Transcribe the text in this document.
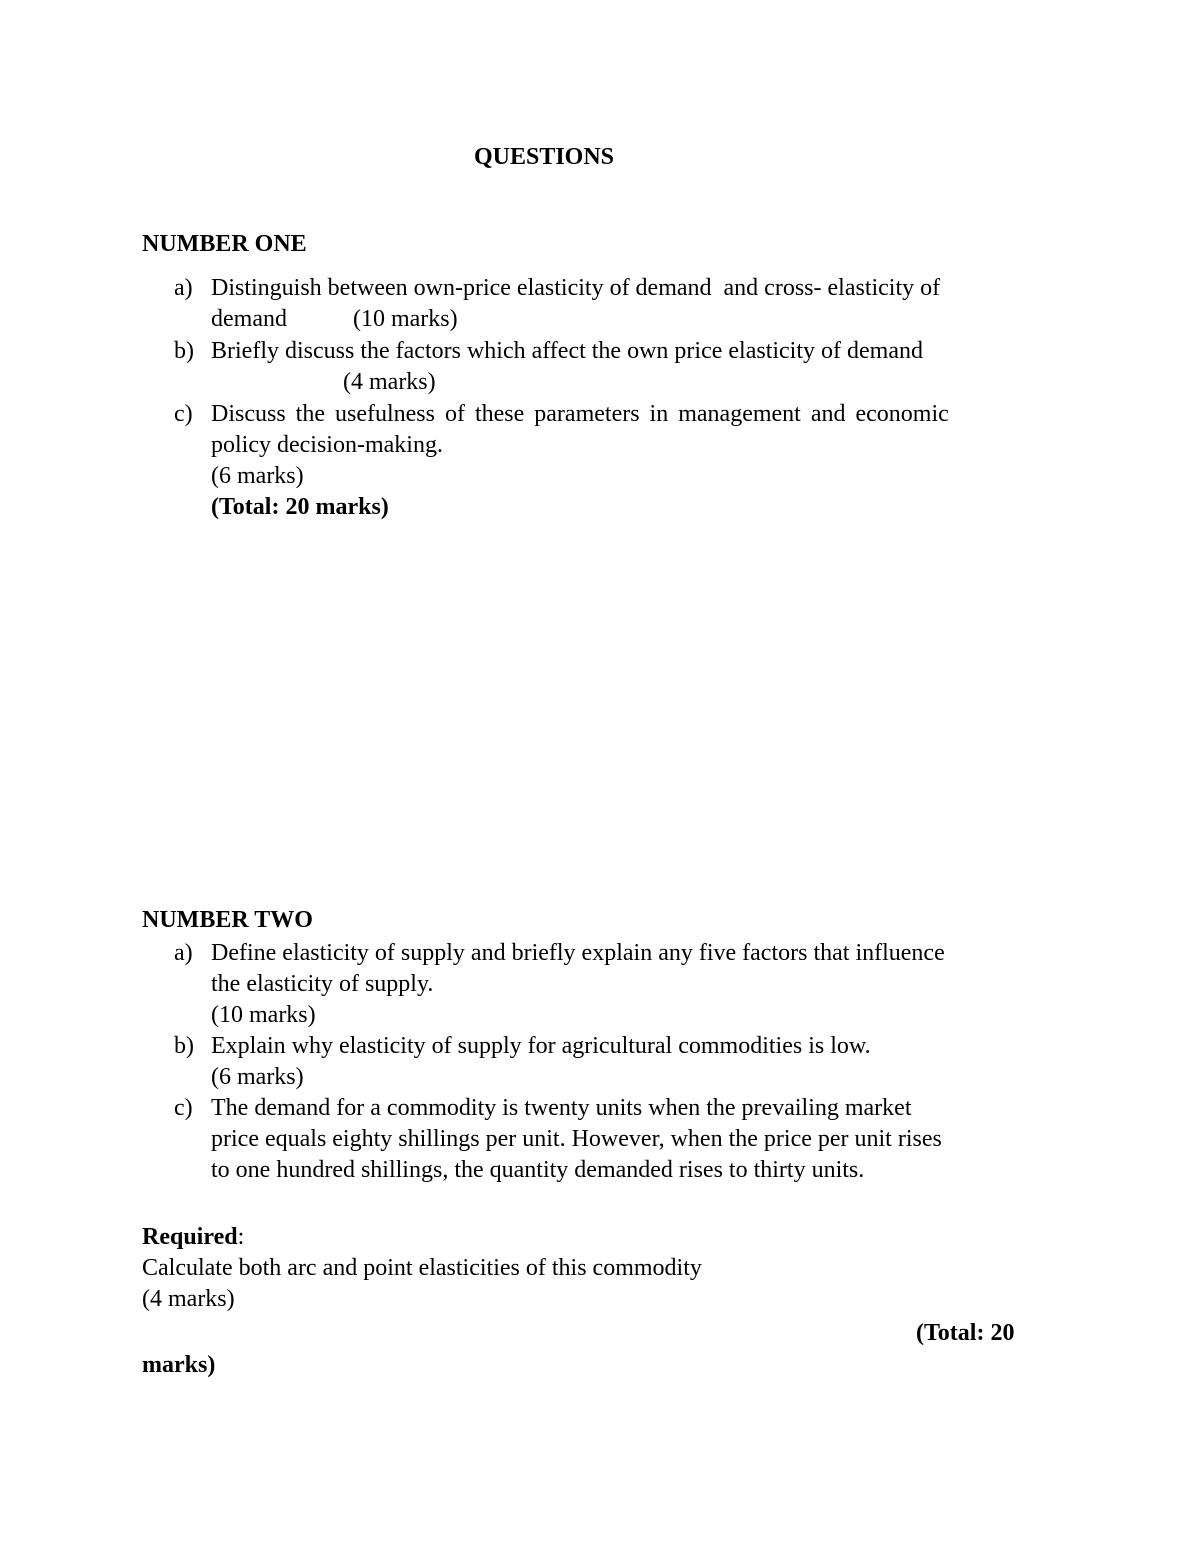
QUESTIONS
NUMBER ONE
a) Distinguish between own-price elasticity of demand  and cross- elasticity of
demand	(10 marks)
b) Briefly discuss the factors which affect the own price elasticity of demand
(4 marks)
c) Discuss the usefulness of these parameters in management and economic
policy decision-making.
(6 marks)
(Total: 20 marks)
NUMBER TWO
a) Define elasticity of supply and briefly explain any five factors that influence
the elasticity of supply.
(10 marks)
b) Explain why elasticity of supply for agricultural commodities is low.
(6 marks)
c) The demand for a commodity is twenty units when the prevailing market
price equals eighty shillings per unit. However, when the price per unit rises
to one hundred shillings, the quantity demanded rises to thirty units.
Required:
Calculate both arc and point elasticities of this commodity
(4 marks)
(Total: 20
marks)
